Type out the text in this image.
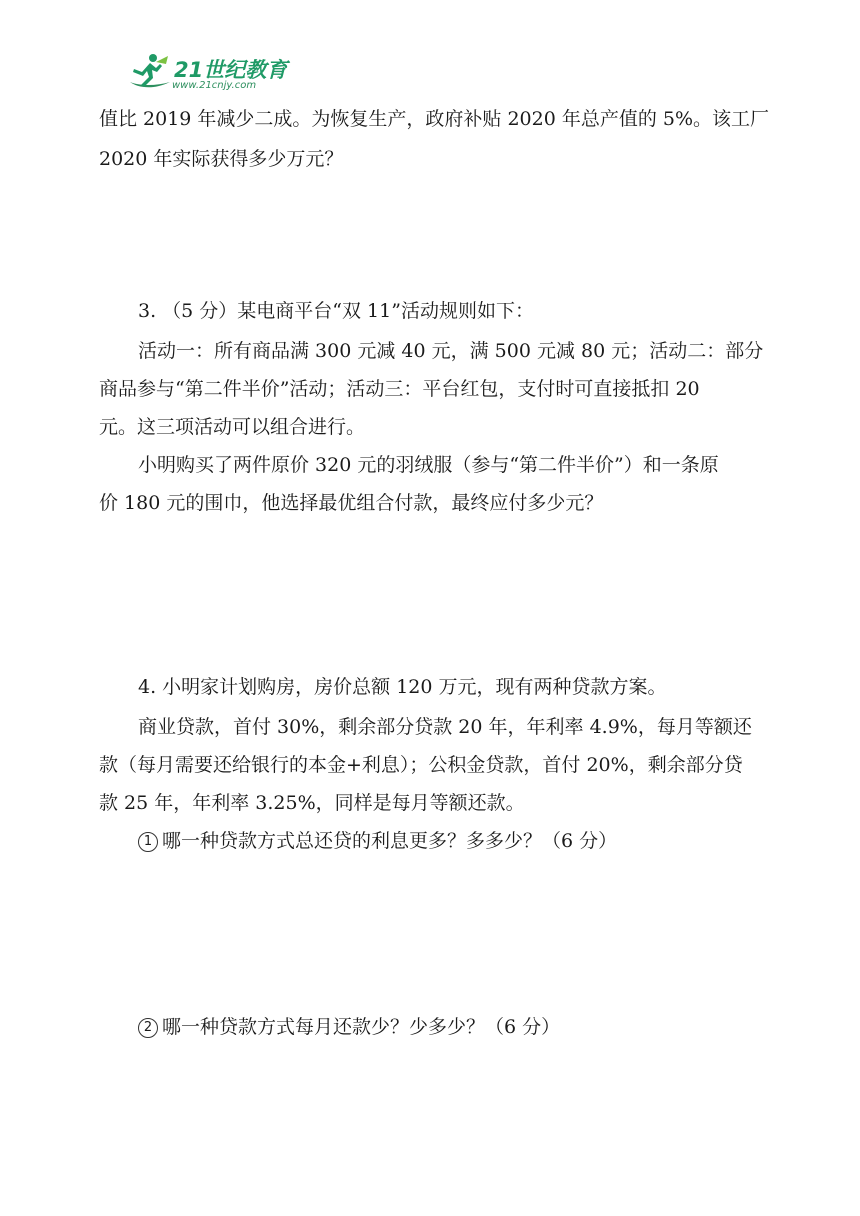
21世纪教育
www.21cnjy.com
值比 2019 年减少二成。为恢复生产，政府补贴 2020 年总产值的 5%。该工厂
2020 年实际获得多少万元？
3. （5 分）某电商平台“双 11”活动规则如下：
活动一：所有商品满 300 元减 40 元，满 500 元减 80 元；活动二：部分
商品参与“第二件半价”活动；活动三：平台红包，支付时可直接抵扣 20
元。这三项活动可以组合进行。
小明购买了两件原价 320 元的羽绒服（参与“第二件半价”）和一条原
价 180 元的围巾，他选择最优组合付款，最终应付多少元？
4. 小明家计划购房，房价总额 120 万元，现有两种贷款方案。
商业贷款，首付 30%，剩余部分贷款 20 年，年利率 4.9%，每月等额还
款（每月需要还给银行的本金+利息）；公积金贷款，首付 20%，剩余部分贷
款 25 年，年利率 3.25%，同样是每月等额还款。
1 哪一种贷款方式总还贷的利息更多？多多少？（6 分）
2 哪一种贷款方式每月还款少？少多少？（6 分）
